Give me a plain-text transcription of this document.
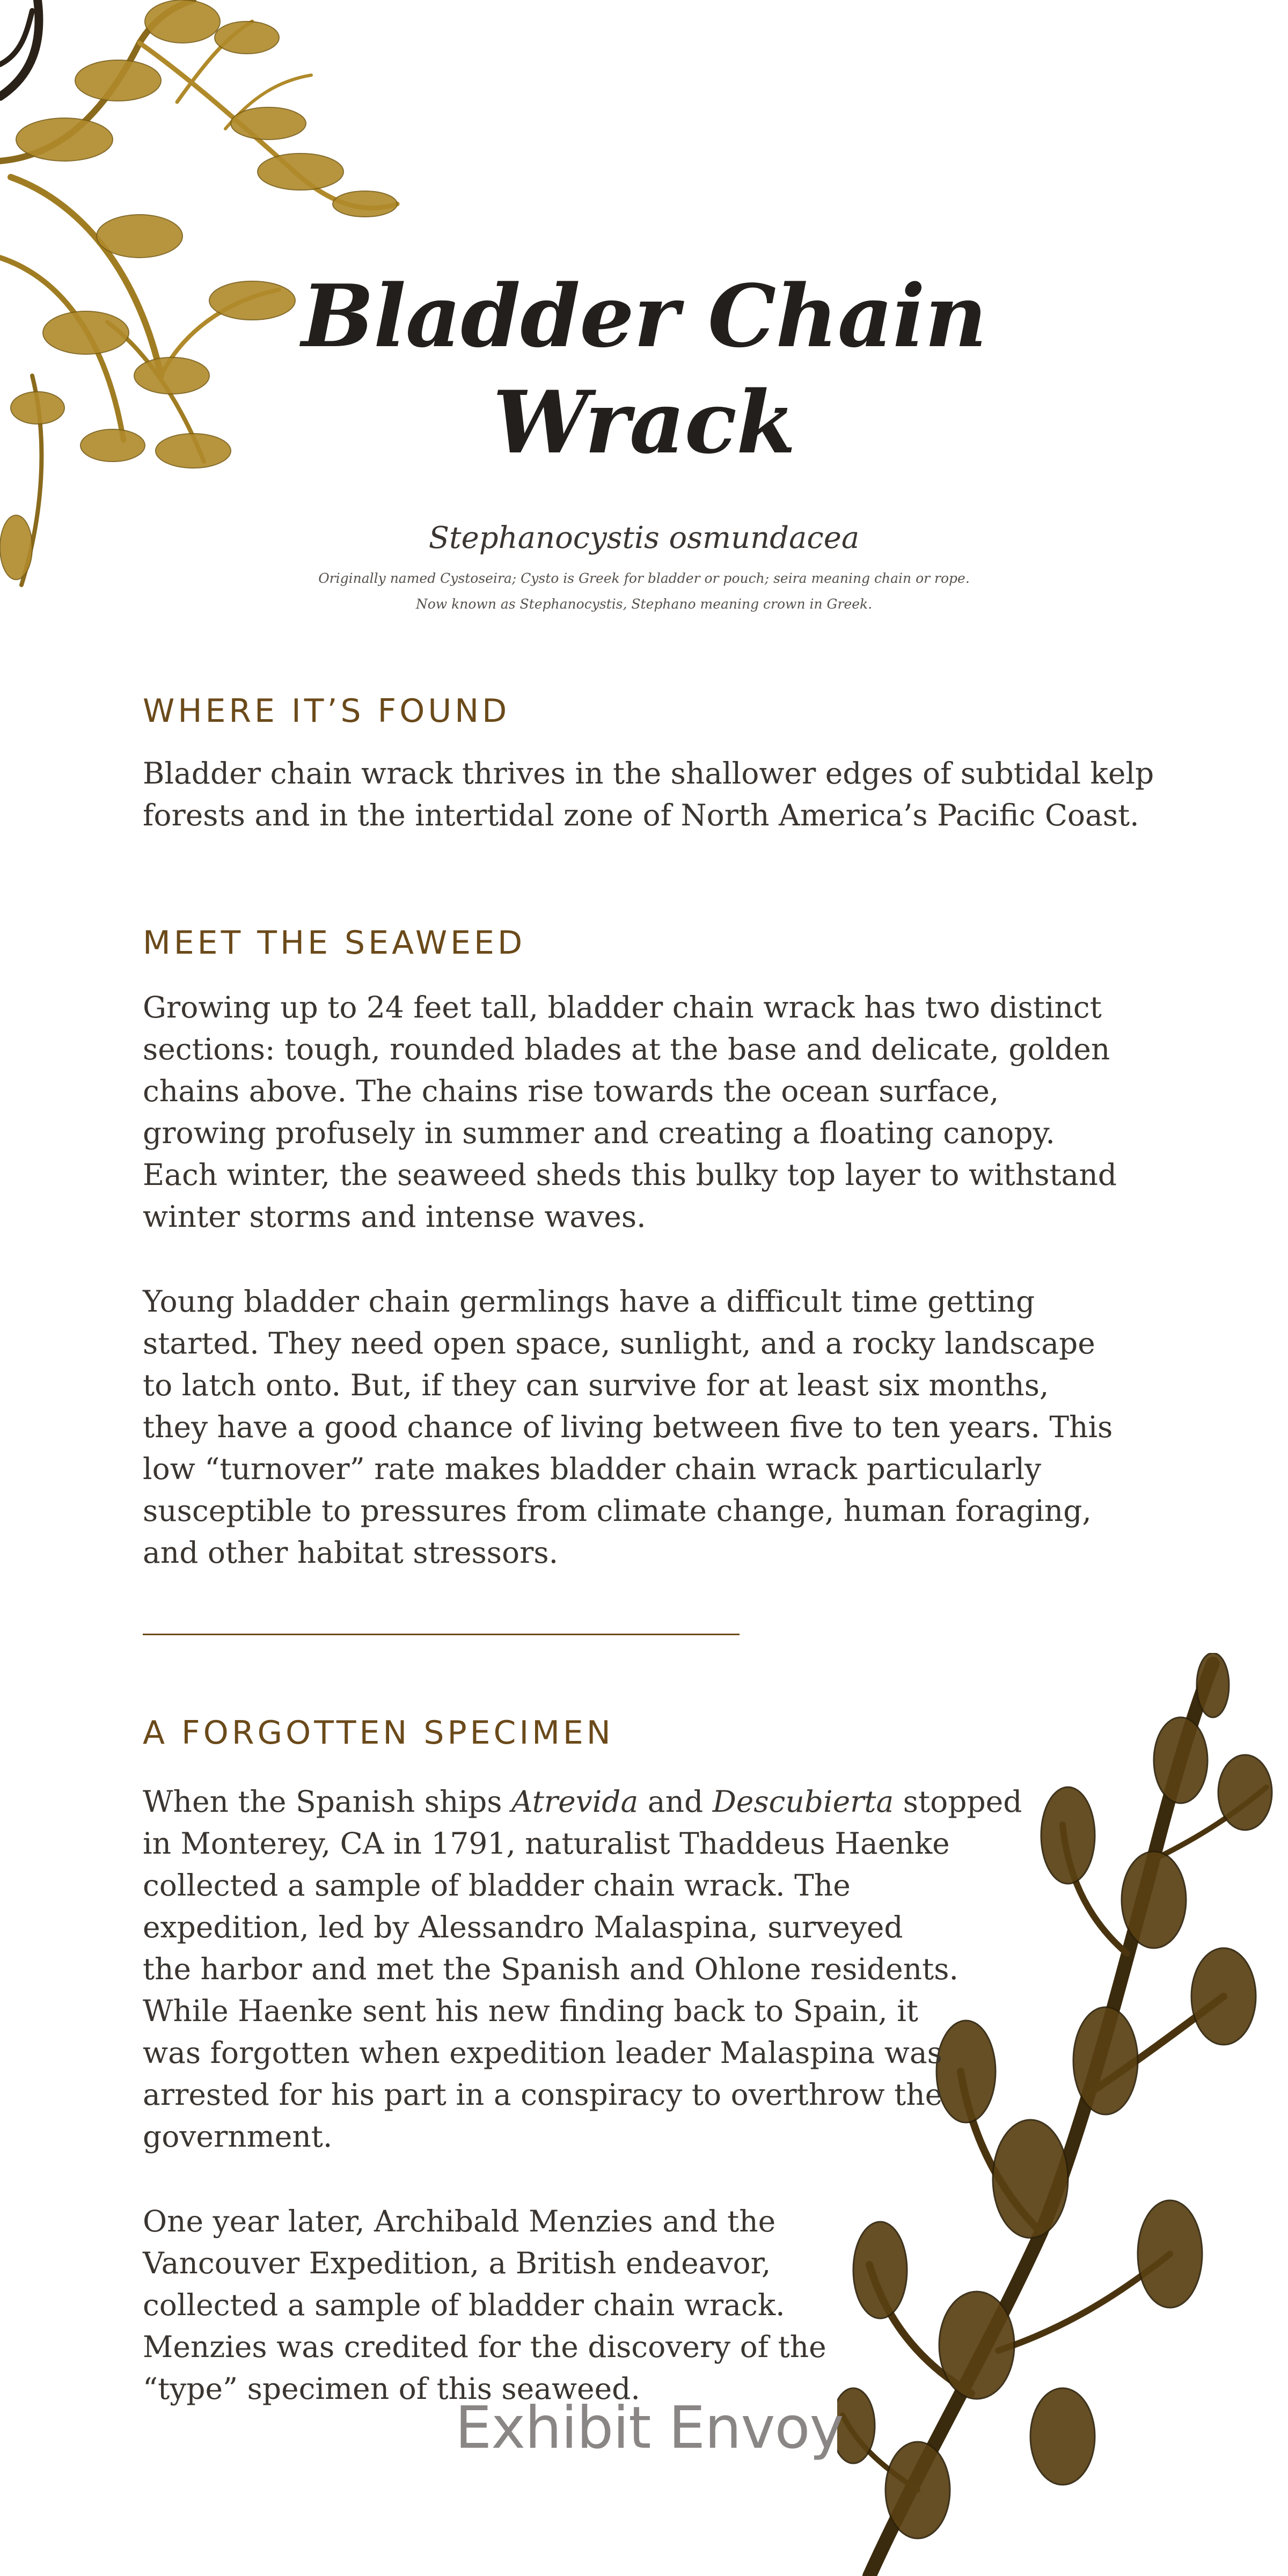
Bladder Chain
Wrack
Stephanocystis osmundacea
Originally named Cystoseira; Cysto is Greek for bladder or pouch; seira meaning chain or rope.
Now known as Stephanocystis, Stephano meaning crown in Greek.
WHERE IT’S FOUND

Bladder chain wrack thrives in the shallower edges of subtidal kelp
forests and in the intertidal zone of North America’s Pacific Coast.

MEET THE SEAWEED

Growing up to 24 feet tall, bladder chain wrack has two distinct
sections: tough, rounded blades at the base and delicate, golden
chains above. The chains rise towards the ocean surface,
growing profusely in summer and creating a floating canopy.
Each winter, the seaweed sheds this bulky top layer to withstand
winter storms and intense waves.

Young bladder chain germlings have a difficult time getting
started. They need open space, sunlight, and a rocky landscape
to latch onto. But, if they can survive for at least six months,
they have a good chance of living between five to ten years. This
low “turnover” rate makes bladder chain wrack particularly
susceptible to pressures from climate change, human foraging,
and other habitat stressors.

A FORGOTTEN SPECIMEN

When the Spanish ships Atrevida and Descubierta stopped
in Monterey, CA in 1791, naturalist Thaddeus Haenke
collected a sample of bladder chain wrack. The
expedition, led by Alessandro Malaspina, surveyed
the harbor and met the Spanish and Ohlone residents.
While Haenke sent his new finding back to Spain, it
was forgotten when expedition leader Malaspina was
arrested for his part in a conspiracy to overthrow the
government.

One year later, Archibald Menzies and the
Vancouver Expedition, a British endeavor,
collected a sample of bladder chain wrack.
Menzies was credited for the discovery of the
“type” specimen of this seaweed.

Exhibit Envoy
